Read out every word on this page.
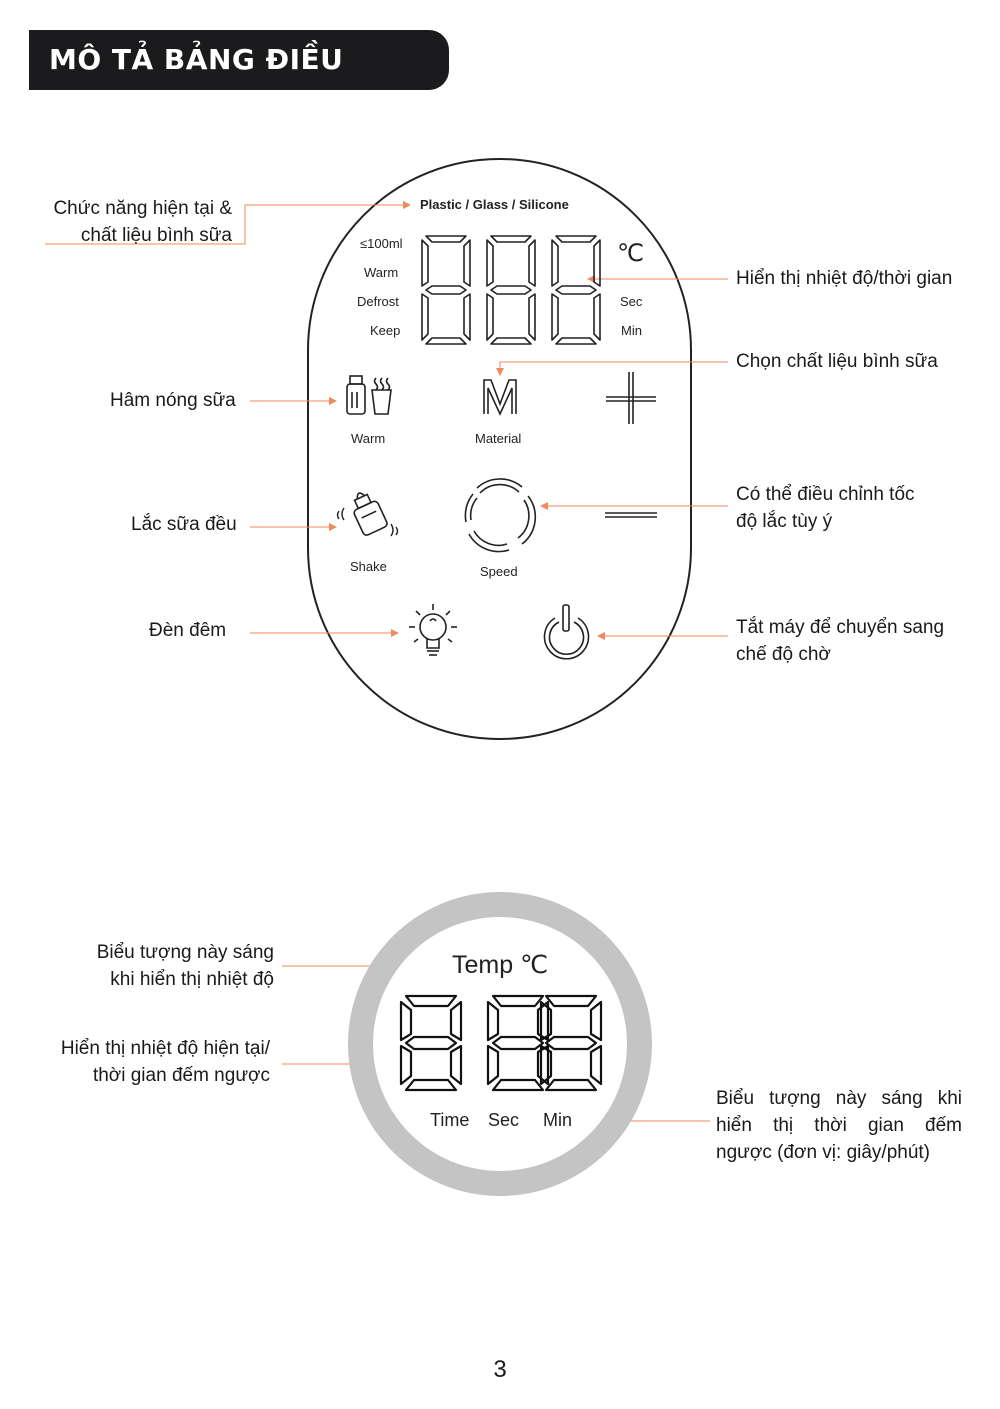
MÔ TẢ BẢNG ĐIỀU KHIỂN
Plastic / Glass / Silicone
≤100ml
Warm
Defrost
Keep
℃
Sec
Min
Warm	Material
Shake	Speed
Chức năng hiện tại &
chất liệu bình sữa
Hiển thị nhiệt độ/thời gian
Chọn chất liệu bình sữa
Hâm nóng sữa
Có thể điều chỉnh tốc
độ lắc tùy ý
Lắc sữa đều
Đèn đêm	Tắt máy để chuyển sang
chế độ chờ
Temp ℃
Time Sec Min
Biểu tượng này sáng
khi hiển thị nhiệt độ
Hiển thị nhiệt độ hiện tại/
thời gian đếm ngược
Biểu tượng này sáng khi
hiển thị thời gian đếm
ngược (đơn vị: giây/phút)
3
